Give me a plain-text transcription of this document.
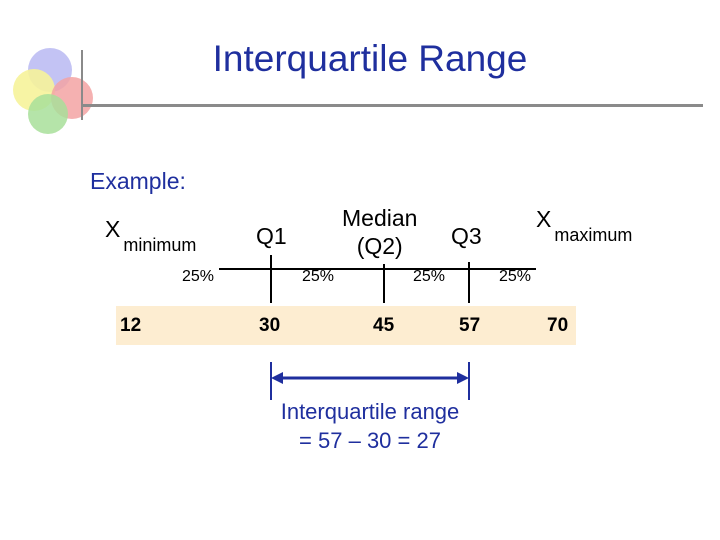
Interquartile Range
Example:
$X_{minimum}$	Q1
Median
(Q2)	Q3
$X_{maximum}$
25%	25%	25%	25%
12	30	45	57	70
Interquartile range
= 57 – 30 = 27
